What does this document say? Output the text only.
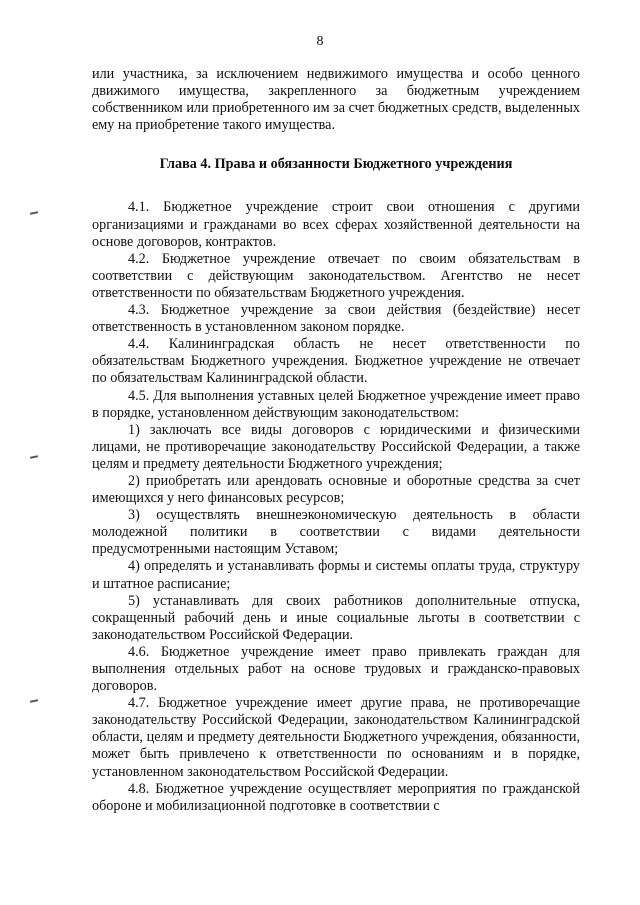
8

или участника, за исключением недвижимого имущества и особо ценного движимого имущества, закрепленного за бюджетным учреждением собственником или приобретенного им за счет бюджетных средств, выделенных ему на приобретение такого имущества.

Глава 4. Права и обязанности Бюджетного учреждения

4.1. Бюджетное учреждение строит свои отношения с другими организациями и гражданами во всех сферах хозяйственной деятельности на основе договоров, контрактов.

4.2. Бюджетное учреждение отвечает по своим обязательствам в соответствии с действующим законодательством. Агентство не несет ответственности по обязательствам Бюджетного учреждения.

4.3. Бюджетное учреждение за свои действия (бездействие) несет ответственность в установленном законом порядке.

4.4. Калининградская область не несет ответственности по обязательствам Бюджетного учреждения. Бюджетное учреждение не отвечает по обязательствам Калининградской области.

4.5. Для выполнения уставных целей Бюджетное учреждение имеет право в порядке, установленном действующим законодательством:

1) заключать все виды договоров с юридическими и физическими лицами, не противоречащие законодательству Российской Федерации, а также целям и предмету деятельности Бюджетного учреждения;

2) приобретать или арендовать основные и оборотные средства за счет имеющихся у него финансовых ресурсов;

3) осуществлять внешнеэкономическую деятельность в области молодежной политики в соответствии с видами деятельности предусмотренными настоящим Уставом;

4) определять и устанавливать формы и системы оплаты труда, структуру и штатное расписание;

5) устанавливать для своих работников дополнительные отпуска, сокращенный рабочий день и иные социальные льготы в соответствии с законодательством Российской Федерации.

4.6. Бюджетное учреждение имеет право привлекать граждан для выполнения отдельных работ на основе трудовых и гражданско-правовых договоров.

4.7. Бюджетное учреждение имеет другие права, не противоречащие законодательству Российской Федерации, законодательством Калининградской области, целям и предмету деятельности Бюджетного учреждения, обязанности, может быть привлечено к ответственности по основаниям и в порядке, установленном законодательством Российской Федерации.

4.8. Бюджетное учреждение осуществляет мероприятия по гражданской обороне и мобилизационной подготовке в соответствии с
